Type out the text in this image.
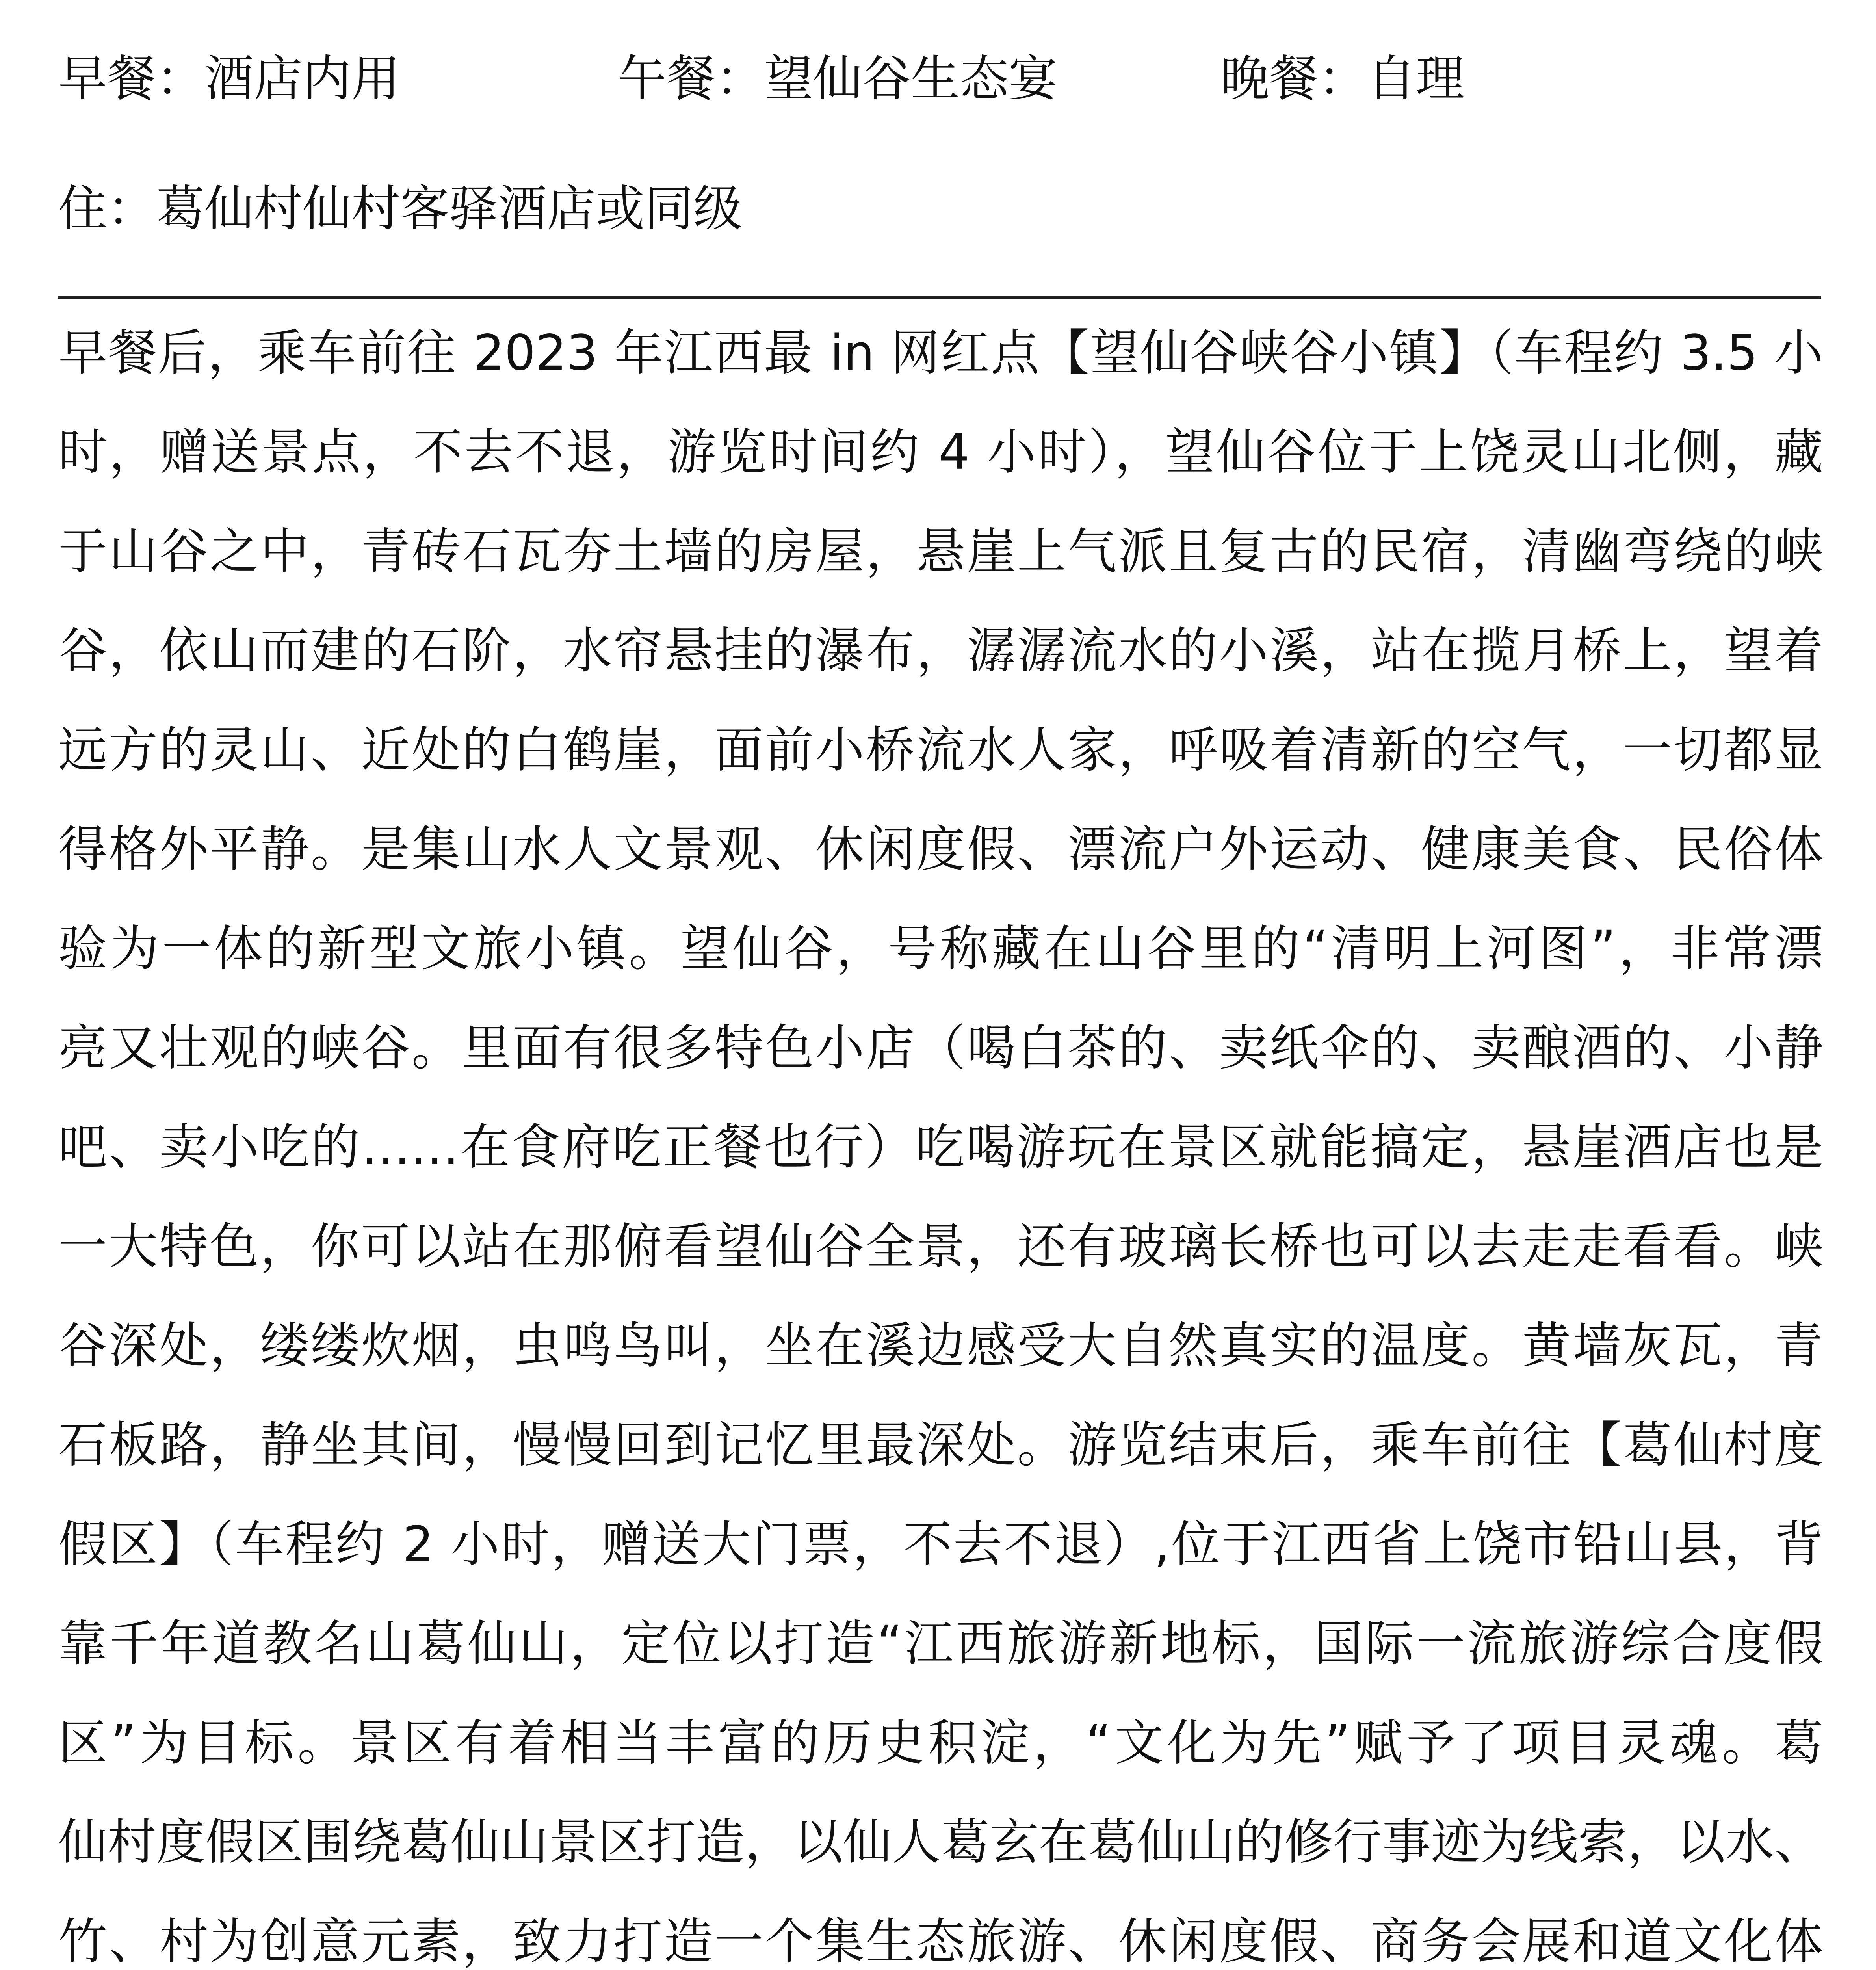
早餐：酒店内用	午餐：望仙谷生态宴	晚餐：自理
住：葛仙村仙村客驿酒店或同级
早餐后，乘车前往 2023 年江西最 in 网红点【望仙谷峡谷小镇】（车程约 3.5 小
时，赠送景点，不去不退，游览时间约 4 小时），望仙谷位于上饶灵山北侧，藏
于山谷之中，青砖石瓦夯土墙的房屋，悬崖上气派且复古的民宿，清幽弯绕的峡
谷，依山而建的石阶，水帘悬挂的瀑布，潺潺流水的小溪，站在揽月桥上，望着
远方的灵山、近处的白鹤崖，面前小桥流水人家，呼吸着清新的空气，一切都显
得格外平静。是集山水人文景观、休闲度假、漂流户外运动、健康美食、民俗体
验为一体的新型文旅小镇。望仙谷，号称藏在山谷里的“清明上河图”，非常漂
亮又壮观的峡谷。里面有很多特色小店（喝白茶的、卖纸伞的、卖酿酒的、小静
吧、卖小吃的……在食府吃正餐也行）吃喝游玩在景区就能搞定，悬崖酒店也是
一大特色，你可以站在那俯看望仙谷全景，还有玻璃长桥也可以去走走看看。峡
谷深处，缕缕炊烟，虫鸣鸟叫，坐在溪边感受大自然真实的温度。黄墙灰瓦，青
石板路，静坐其间，慢慢回到记忆里最深处。游览结束后，乘车前往【葛仙村度
假区】（车程约 2 小时，赠送大门票，不去不退）,位于江西省上饶市铅山县，背
靠千年道教名山葛仙山，定位以打造“江西旅游新地标，国际一流旅游综合度假
区”为目标。景区有着相当丰富的历史积淀，“文化为先”赋予了项目灵魂。葛
仙村度假区围绕葛仙山景区打造，以仙人葛玄在葛仙山的修行事迹为线索，以水、
竹、村为创意元素，致力打造一个集生态旅游、休闲度假、商务会展和道文化体
